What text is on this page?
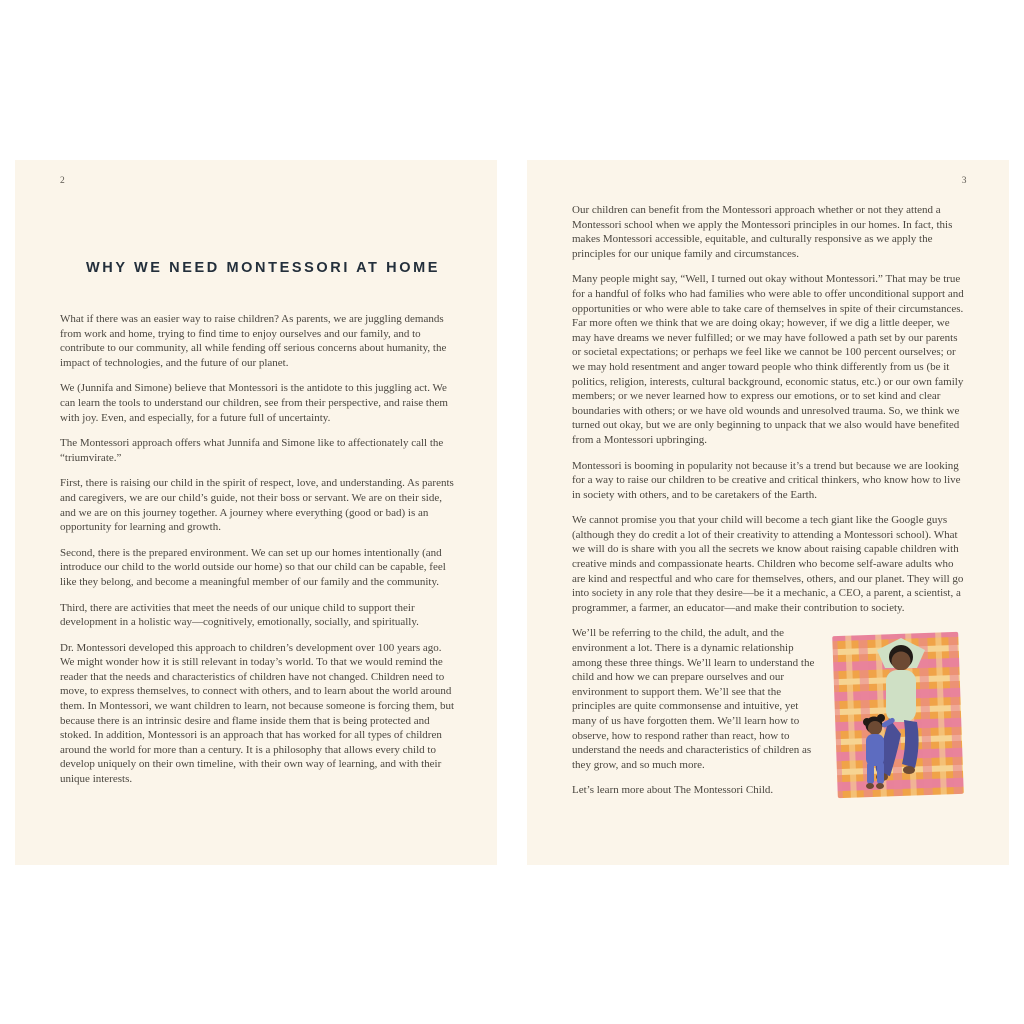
2
WHY WE NEED MONTESSORI AT HOME

What if there was an easier way to raise children? As parents, we are juggling demands from work and home, trying to find time to enjoy ourselves and our family, and to contribute to our community, all while fending off serious concerns about humanity, the impact of technologies, and the future of our planet.

We (Junnifa and Simone) believe that Montessori is the antidote to this juggling act. We can learn the tools to understand our children, see from their perspective, and raise them with joy. Even, and especially, for a future full of uncertainty.

The Montessori approach offers what Junnifa and Simone like to affectionately call the “triumvirate.”

First, there is raising our child in the spirit of respect, love, and understanding. As parents and caregivers, we are our child’s guide, not their boss or servant. We are on their side, and we are on this journey together. A journey where everything (good or bad) is an opportunity for learning and growth.

Second, there is the prepared environment. We can set up our homes intentionally (and introduce our child to the world outside our home) so that our child can be capable, feel like they belong, and become a meaningful member of our family and the community.

Third, there are activities that meet the needs of our unique child to support their development in a holistic way—cognitively, emotionally, socially, and spiritually.

Dr. Montessori developed this approach to children’s development over 100 years ago. We might wonder how it is still relevant in today’s world. To that we would remind the reader that the needs and characteristics of children have not changed. Children need to move, to express themselves, to connect with others, and to learn about the world around them. In Montessori, we want children to learn, not because someone is forcing them, but because there is an intrinsic desire and flame inside them that is being protected and stoked. In addition, Montessori is an approach that has worked for all types of children around the world for more than a century. It is a philosophy that allows every child to develop uniquely on their own timeline, with their own way of learning, and with their unique interests.

3

Our children can benefit from the Montessori approach whether or not they attend a Montessori school when we apply the Montessori principles in our homes. In fact, this makes Montessori accessible, equitable, and culturally responsive as we apply the principles for our unique family and circumstances.

Many people might say, “Well, I turned out okay without Montessori.” That may be true for a handful of folks who had families who were able to offer unconditional support and opportunities or who were able to take care of themselves in spite of their circumstances. Far more often we think that we are doing okay; however, if we dig a little deeper, we may have dreams we never fulfilled; or we may have followed a path set by our parents or societal expectations; or perhaps we feel like we cannot be 100 percent ourselves; or we may hold resentment and anger toward people who think differently from us (be it politics, religion, interests, cultural background, economic status, etc.) or our own family members; or we never learned how to express our emotions, or to set kind and clear boundaries with others; or we have old wounds and unresolved trauma. So, we think we turned out okay, but we are only beginning to unpack that we also would have benefited from a Montessori upbringing.

Montessori is booming in popularity not because it’s a trend but because we are looking for a way to raise our children to be creative and critical thinkers, who know how to live in society with others, and to be caretakers of the Earth.

We cannot promise you that your child will become a tech giant like the Google guys (although they do credit a lot of their creativity to attending a Montessori school). What we will do is share with you all the secrets we know about raising capable children with creative minds and compassionate hearts. Children who become self-aware adults who are kind and respectful and who care for themselves, others, and our planet. They will go into society in any role that they desire—be it a mechanic, a CEO, a parent, a scientist, a programmer, a farmer, an educator—and make their contribution to society.

We’ll be referring to the child, the adult, and the environment a lot. There is a dynamic relationship among these three things. We’ll learn to understand the child and how we can prepare ourselves and our environment to support them. We’ll see that the principles are quite commonsense and intuitive, yet many of us have forgotten them. We’ll learn how to observe, how to respond rather than react, how to understand the needs and characteristics of children as they grow, and so much more.

Let’s learn more about The Montessori Child.
